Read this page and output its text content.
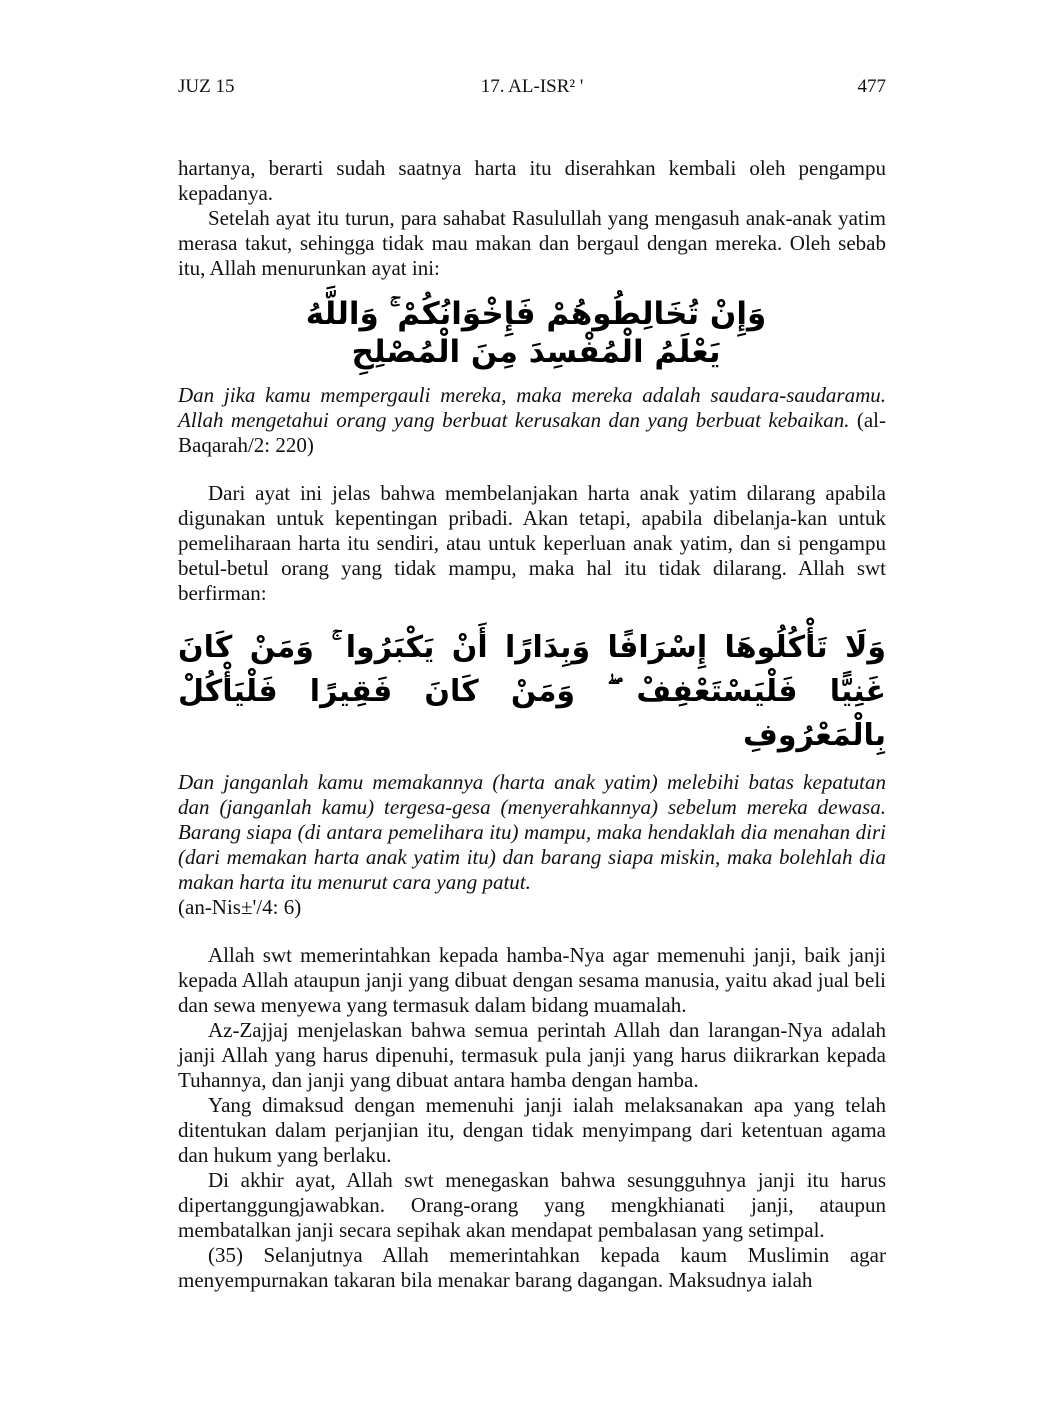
17. AL-ISR² '
JUZ 15	477

hartanya, berarti sudah saatnya harta itu diserahkan kembali oleh pengampu kepadanya.

Setelah ayat itu turun, para sahabat Rasulullah yang mengasuh anak-anak yatim merasa takut, sehingga tidak mau makan dan bergaul dengan mereka. Oleh sebab itu, Allah menurunkan ayat ini:

وَإِنْ تُخَالِطُوهُمْ فَإِخْوَانُكُمْ ۚ وَاللَّهُ يَعْلَمُ الْمُفْسِدَ مِنَ الْمُصْلِحِ

Dan jika kamu mempergauli mereka, maka mereka adalah saudara-saudaramu. Allah mengetahui orang yang berbuat kerusakan dan yang berbuat kebaikan. (al-Baqarah/2: 220)

Dari ayat ini jelas bahwa membelanjakan harta anak yatim dilarang apabila digunakan untuk kepentingan pribadi. Akan tetapi, apabila dibelanja-kan untuk pemeliharaan harta itu sendiri, atau untuk keperluan anak yatim, dan si pengampu betul-betul orang yang tidak mampu, maka hal itu tidak dilarang. Allah swt berfirman:

وَلَا تَأْكُلُوهَا إِسْرَافًا وَبِدَارًا أَنْ يَكْبَرُوا ۚ وَمَنْ كَانَ غَنِيًّا فَلْيَسْتَعْفِفْ ۖ وَمَنْ كَانَ فَقِيرًا فَلْيَأْكُلْ بِالْمَعْرُوفِ

Dan janganlah kamu memakannya (harta anak yatim) melebihi batas kepatutan dan (janganlah kamu) tergesa-gesa (menyerahkannya) sebelum mereka dewasa. Barang siapa (di antara pemelihara itu) mampu, maka hendaklah dia menahan diri (dari memakan harta anak yatim itu) dan barang siapa miskin, maka bolehlah dia makan harta itu menurut cara yang patut.
(an-Nis±'/4: 6)

Allah swt memerintahkan kepada hamba-Nya agar memenuhi janji, baik janji kepada Allah ataupun janji yang dibuat dengan sesama manusia, yaitu akad jual beli dan sewa menyewa yang termasuk dalam bidang muamalah.

Az-Zajjaj menjelaskan bahwa semua perintah Allah dan larangan-Nya adalah janji Allah yang harus dipenuhi, termasuk pula janji yang harus diikrarkan kepada Tuhannya, dan janji yang dibuat antara hamba dengan hamba.

Yang dimaksud dengan memenuhi janji ialah melaksanakan apa yang telah ditentukan dalam perjanjian itu, dengan tidak menyimpang dari ketentuan agama dan hukum yang berlaku.

Di akhir ayat, Allah swt menegaskan bahwa sesungguhnya janji itu harus dipertanggungjawabkan. Orang-orang yang mengkhianati janji, ataupun membatalkan janji secara sepihak akan mendapat pembalasan yang setimpal.

(35) Selanjutnya Allah memerintahkan kepada kaum Muslimin agar menyempurnakan takaran bila menakar barang dagangan. Maksudnya ialah
